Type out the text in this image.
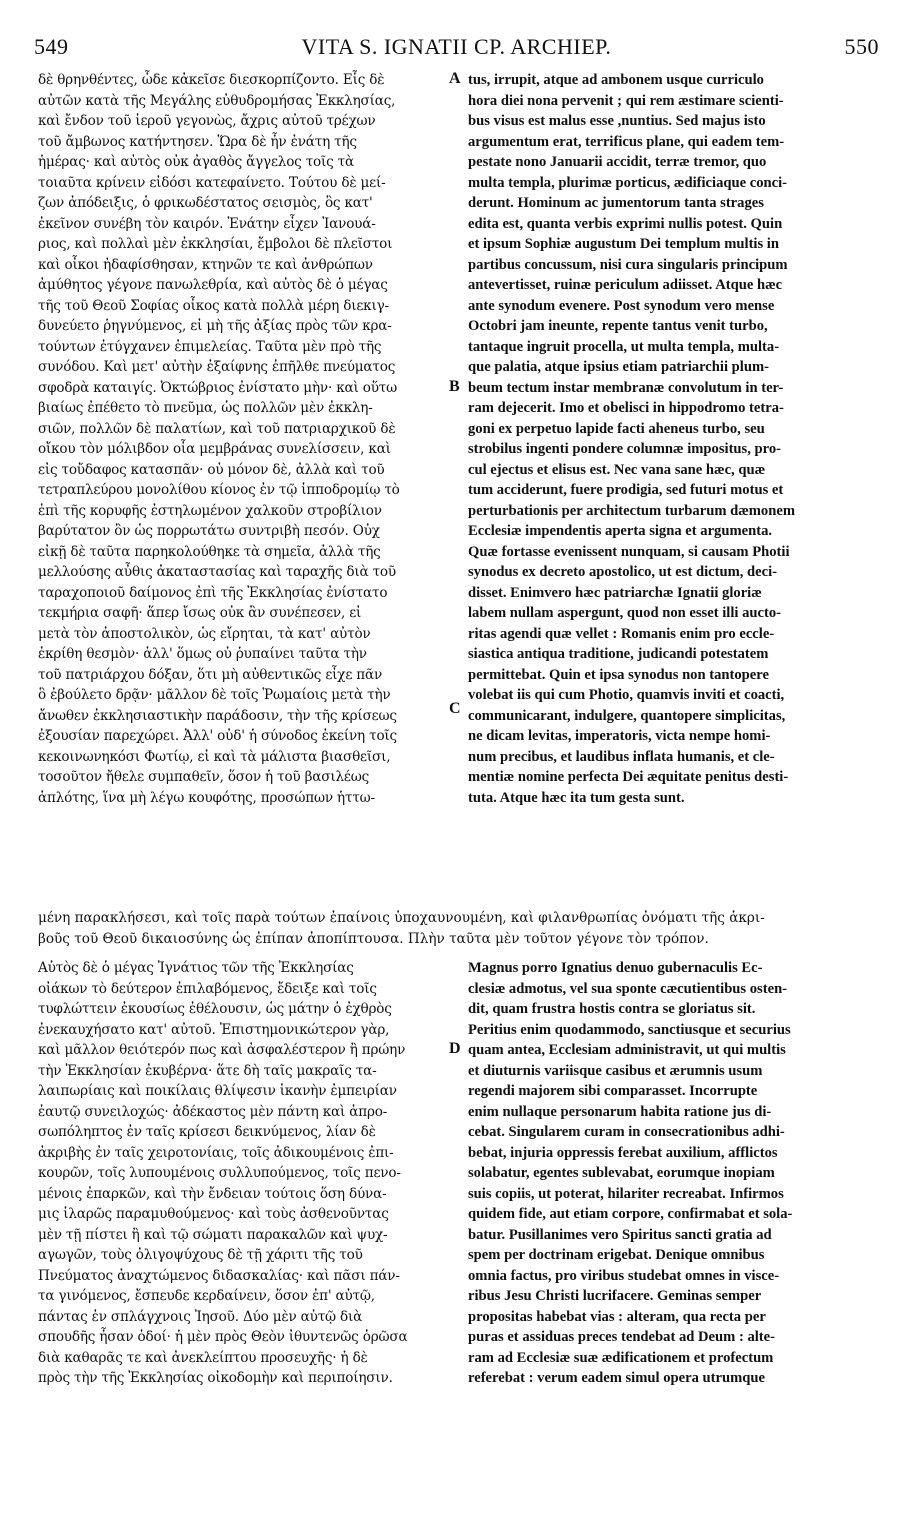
549	VITA S. IGNATII CP. ARCHIEP.	550
δὲ θρηνθέντες, ὧδε κἀκεῖσε διεσκορπίζοντο. Εἷς δὲ
αὐτῶν κατὰ τῆς Μεγάλης εὐθυδρομήσας Ἐκκλησίας,
καὶ ἔνδον τοῦ ἱεροῦ γεγονὼς, ἄχρις αὐτοῦ τρέχων
τοῦ ἄμβωνος κατήντησεν. Ὥρα δὲ ἦν ἐνάτη τῆς
ἡμέρας· καὶ αὐτὸς οὐκ ἀγαθὸς ἄγγελος τοῖς τὰ
τοιαῦτα κρίνειν εἰδόσι κατεφαίνετο. Τούτου δὲ μεί-
ζων ἀπόδειξις, ὁ φρικωδέστατος σεισμὸς, ὃς κατ'
ἐκεῖνον συνέβη τὸν καιρόν. Ἐνάτην εἶχεν Ἰανουά-
ριος, καὶ πολλαὶ μὲν ἐκκλησίαι, ἔμβολοι δὲ πλεῖστοι
καὶ οἶκοι ἠδαφίσθησαν, κτηνῶν τε καὶ ἀνθρώπων
ἀμύθητος γέγονε πανωλεθρία, καὶ αὐτὸς δὲ ὁ μέγας
τῆς τοῦ Θεοῦ Σοφίας οἶκος κατὰ πολλὰ μέρη διεκιγ-
δυνεύετο ῥηγνύμενος, εἰ μὴ τῆς ἀξίας πρὸς τῶν κρα-
τούντων ἐτύγχανεν ἐπιμελείας. Ταῦτα μὲν πρὸ τῆς
συνόδου. Καὶ μετ' αὐτὴν ἐξαίφνης ἐπῆλθε πνεύματος
σφοδρὰ καταιγίς. Ὀκτώβριος ἐνίστατο μὴν· καὶ οὕτω
βιαίως ἐπέθετο τὸ πνεῦμα, ὡς πολλῶν μὲν ἐκκλη-
σιῶν, πολλῶν δὲ παλατίων, καὶ τοῦ πατριαρχικοῦ δὲ
οἴκου τὸν μόλιβδον οἷα μεμβράνας συνελίσσειν, καὶ
εἰς τοὔδαφος κατασπᾶν· οὐ μόνον δὲ, ἀλλὰ καὶ τοῦ
τετραπλεύρου μονολίθου κίονος ἐν τῷ ἱπποδρομίῳ τὸ
ἐπὶ τῆς κορυφῆς ἐστηλωμένον χαλκοῦν στροβίλιον
βαρύτατον ὂν ὡς πορρωτάτω συντριβὴ πεσόν. Οὐχ
εἰκῇ δὲ ταῦτα παρηκολούθηκε τὰ σημεῖα, ἀλλὰ τῆς
μελλούσης αὖθις ἀκαταστασίας καὶ ταραχῆς διὰ τοῦ
ταραχοποιοῦ δαίμονος ἐπὶ τῆς Ἐκκλησίας ἐνίστατο
τεκμήρια σαφῆ· ἅπερ ἴσως οὐκ ἂν συνέπεσεν, εἰ
μετὰ τὸν ἀποστολικὸν, ὡς εἴρηται, τὰ κατ' αὐτὸν
ἐκρίθη θεσμὸν· ἀλλ' ὅμως οὐ ῥυπαίνει ταῦτα τὴν
τοῦ πατριάρχου δόξαν, ὅτι μὴ αὐθεντικῶς εἶχε πᾶν
ὃ ἐβούλετο δρᾷν· μᾶλλον δὲ τοῖς Ῥωμαίοις μετὰ τὴν
ἄνωθεν ἐκκλησιαστικὴν παράδοσιν, τὴν τῆς κρίσεως
ἐξουσίαν παρεχώρει. Ἀλλ' οὐδ' ἡ σύνοδος ἐκείνη τοῖς
κεκοινωνηκόσι Φωτίῳ, εἰ καὶ τὰ μάλιστα βιασθεῖσι,
τοσοῦτον ἤθελε συμπαθεῖν, ὅσον ἡ τοῦ βασιλέως
ἁπλότης, ἵνα μὴ λέγω κουφότης, προσώπων ἡττω-
A
B
C
D
tus, irrupit, atque ad ambonem usque curriculo
hora diei nona pervenit ; qui rem æstimare scienti-
bus visus est malus esse ,nuntius. Sed majus isto
argumentum erat, terrificus plane, qui eadem tem-
pestate nono Januarii accidit, terræ tremor, quo
multa templa, plurimæ porticus, ædificiaque conci-
derunt. Hominum ac jumentorum tanta strages
edita est, quanta verbis exprimi nullis potest. Quin
et ipsum Sophiæ augustum Dei templum multis in
partibus concussum, nisi cura singularis principum
antevertisset, ruinæ periculum adiisset. Atque hæc
ante synodum evenere. Post synodum vero mense
Octobri jam ineunte, repente tantus venit turbo,
tantaque ingruit procella, ut multa templa, multa-
que palatia, atque ipsius etiam patriarchii plum-
beum tectum instar membranæ convolutum in ter-
ram dejecerit. Imo et obelisci in hippodromo tetra-
goni ex perpetuo lapide facti aheneus turbo, seu
strobilus ingenti pondere columnæ impositus, pro-
cul ejectus et elisus est. Nec vana sane hæc, quæ
tum acciderunt, fuere prodigia, sed futuri motus et
perturbationis per architectum turbarum dæmonem
Ecclesiæ impendentis aperta signa et argumenta.
Quæ fortasse evenissent nunquam, si causam Photii
synodus ex decreto apostolico, ut est dictum, deci-
disset. Enimvero hæc patriarchæ Ignatii gloriæ
labem nullam aspergunt, quod non esset illi aucto-
ritas agendi quæ vellet : Romanis enim pro eccle-
siastica antiqua traditione, judicandi potestatem
permittebat. Quin et ipsa synodus non tantopere
volebat iis qui cum Photio, quamvis inviti et coacti,
communicarant, indulgere, quantopere simplicitas,
ne dicam levitas, imperatoris, victa nempe homi-
num precibus, et laudibus inflata humanis, et cle-
mentiæ nomine perfecta Dei æquitate penitus desti-
tuta. Atque hæc ita tum gesta sunt.
μένη παρακλήσεσι, καὶ τοῖς παρὰ τούτων ἐπαίνοις ὑποχαυνουμένη, καὶ φιλανθρωπίας ὀνόματι τῆς ἀκρι-
βοῦς τοῦ Θεοῦ δικαιοσύνης ὡς ἐπίπαν ἀποπίπτουσα. Πλὴν ταῦτα μὲν τοῦτον γέγονε τὸν τρόπον.
Αὐτὸς δὲ ὁ μέγας Ἰγνάτιος τῶν τῆς Ἐκκλησίας
οἰάκων τὸ δεύτερον ἐπιλαβόμενος, ἔδειξε καὶ τοῖς
τυφλώττειν ἐκουσίως ἐθέλουσιν, ὡς μάτην ὁ ἐχθρὸς
ἐνεκαυχήσατο κατ' αὐτοῦ. Ἐπιστημονικώτερον γὰρ,
καὶ μᾶλλον θειότερόν πως καὶ ἀσφαλέστερον ἢ πρώην
τὴν Ἐκκλησίαν ἐκυβέρνα· ἅτε δὴ ταῖς μακραῖς τα-
λαιπωρίαις καὶ ποικίλαις θλίψεσιν ἱκανὴν ἐμπειρίαν
ἑαυτῷ συνειλοχώς· ἀδέκαστος μὲν πάντη καὶ ἀπρο-
σωπόληπτος ἐν ταῖς κρίσεσι δεικνύμενος, λίαν δὲ
ἀκριβὴς ἐν ταῖς χειροτονίαις, τοῖς ἀδικουμένοις ἐπι-
κουρῶν, τοῖς λυπουμένοις συλλυπούμενος, τοῖς πενο-
μένοις ἐπαρκῶν, καὶ τὴν ἔνδειαν τούτοις ὅση δύνα-
μις ἱλαρῶς παραμυθούμενος· καὶ τοὺς ἀσθενοῦντας
μὲν τῇ πίστει ἢ καὶ τῷ σώματι παρακαλῶν καὶ ψυχ-
αγωγῶν, τοὺς ὀλιγοψύχους δὲ τῇ χάριτι τῆς τοῦ
Πνεύματος ἀναχτώμενος διδασκαλίας· καὶ πᾶσι πάν-
τα γινόμενος, ἔσπευδε κερδαίνειν, ὅσον ἐπ' αὐτῷ,
πάντας ἐν σπλάγχνοις Ἰησοῦ. Δύο μὲν αὐτῷ διὰ
σπουδῆς ἦσαν ὁδοί· ἡ μὲν πρὸς Θεὸν ἰθυντενῶς ὁρῶσα
διὰ καθαρᾶς τε καὶ ἀνεκλείπτου προσευχῆς· ἡ δὲ
πρὸς τὴν τῆς Ἐκκλησίας οἰκοδομὴν καὶ περιποίησιν.
Magnus porro Ignatius denuo gubernaculis Ec-
clesiæ admotus, vel sua sponte cæcutientibus osten-
dit, quam frustra hostis contra se gloriatus sit.
Peritius enim quodammodo, sanctiusque et securius
quam antea, Ecclesiam administravit, ut qui multis
et diuturnis variisque casibus et ærumnis usum
regendi majorem sibi comparasset. Incorrupte
enim nullaque personarum habita ratione jus di-
cebat. Singularem curam in consecrationibus adhi-
bebat, injuria oppressis ferebat auxilium, afflictos
solabatur, egentes sublevabat, eorumque inopiam
suis copiis, ut poterat, hilariter recreabat. Infirmos
quidem fide, aut etiam corpore, confirmabat et sola-
batur. Pusillanimes vero Spiritus sancti gratia ad
spem per doctrinam erigebat. Denique omnibus
omnia factus, pro viribus studebat omnes in visce-
ribus Jesu Christi lucrifacere. Geminas semper
propositas habebat vias : alteram, qua recta per
puras et assiduas preces tendebat ad Deum : alte-
ram ad Ecclesiæ suæ ædificationem et profectum
referebat : verum eadem simul opera utrumque
